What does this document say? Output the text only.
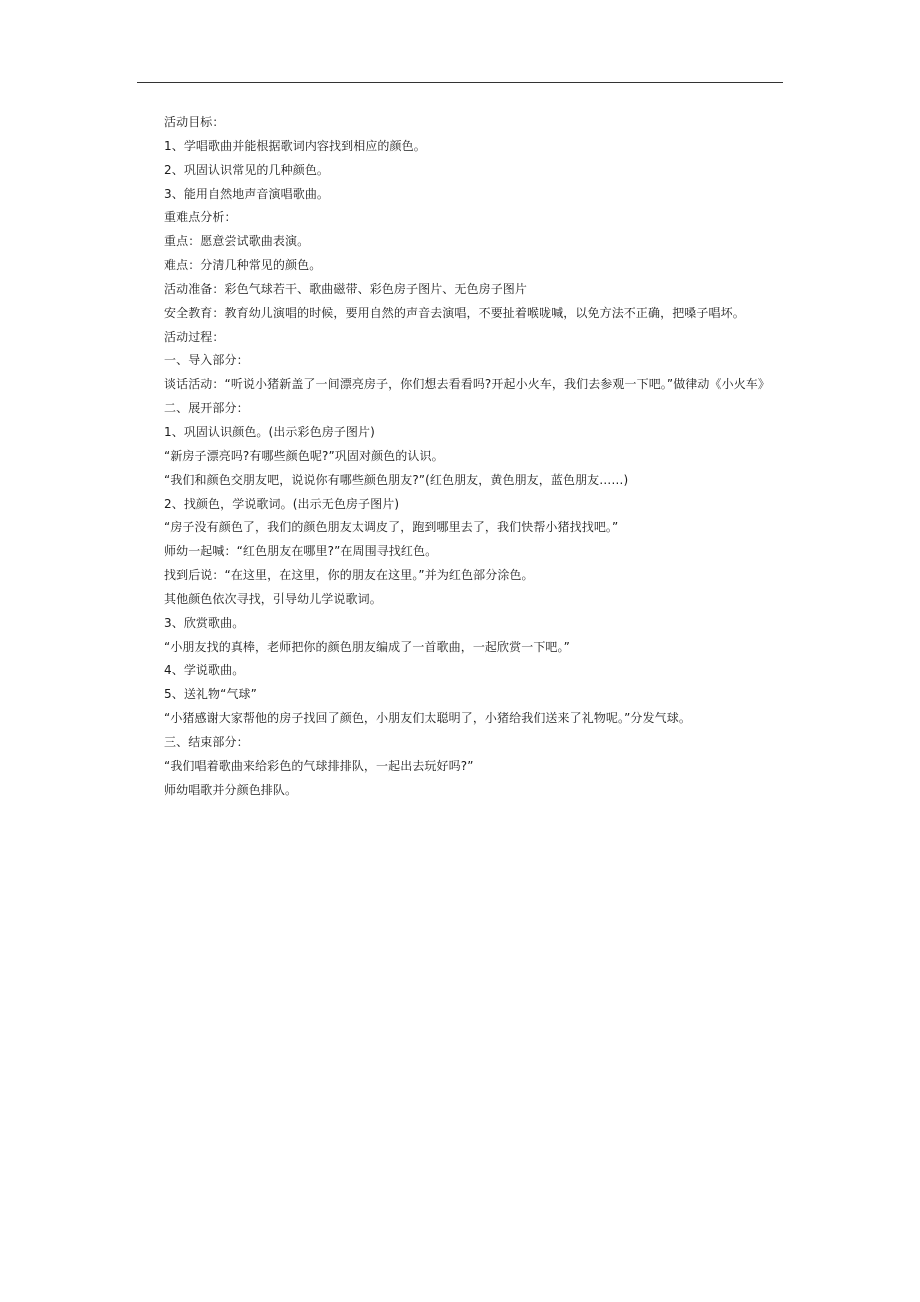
活动目标：

1、学唱歌曲并能根据歌词内容找到相应的颜色。

2、巩固认识常见的几种颜色。

3、能用自然地声音演唱歌曲。

重难点分析：

重点：愿意尝试歌曲表演。

难点：分清几种常见的颜色。

活动准备：彩色气球若干、歌曲磁带、彩色房子图片、无色房子图片

安全教育：教育幼儿演唱的时候，要用自然的声音去演唱，不要扯着喉咙喊，以免方法不正确，把嗓子唱坏。

活动过程：

一、导入部分：

谈话活动：“听说小猪新盖了一间漂亮房子，你们想去看看吗?开起小火车，我们去参观一下吧。”做律动《小火车》

二、展开部分：

1、巩固认识颜色。(出示彩色房子图片)

“新房子漂亮吗?有哪些颜色呢?”巩固对颜色的认识。

“我们和颜色交朋友吧，说说你有哪些颜色朋友?”(红色朋友，黄色朋友，蓝色朋友……)

2、找颜色，学说歌词。(出示无色房子图片)

“房子没有颜色了，我们的颜色朋友太调皮了，跑到哪里去了，我们快帮小猪找找吧。”

师幼一起喊：“红色朋友在哪里?”在周围寻找红色。

找到后说：“在这里，在这里，你的朋友在这里。”并为红色部分涂色。

其他颜色依次寻找，引导幼儿学说歌词。

3、欣赏歌曲。

“小朋友找的真棒，老师把你的颜色朋友编成了一首歌曲，一起欣赏一下吧。”

4、学说歌曲。

5、送礼物“气球”

“小猪感谢大家帮他的房子找回了颜色，小朋友们太聪明了，小猪给我们送来了礼物呢。”分发气球。

三、结束部分：

“我们唱着歌曲来给彩色的气球排排队，一起出去玩好吗?”

师幼唱歌并分颜色排队。
